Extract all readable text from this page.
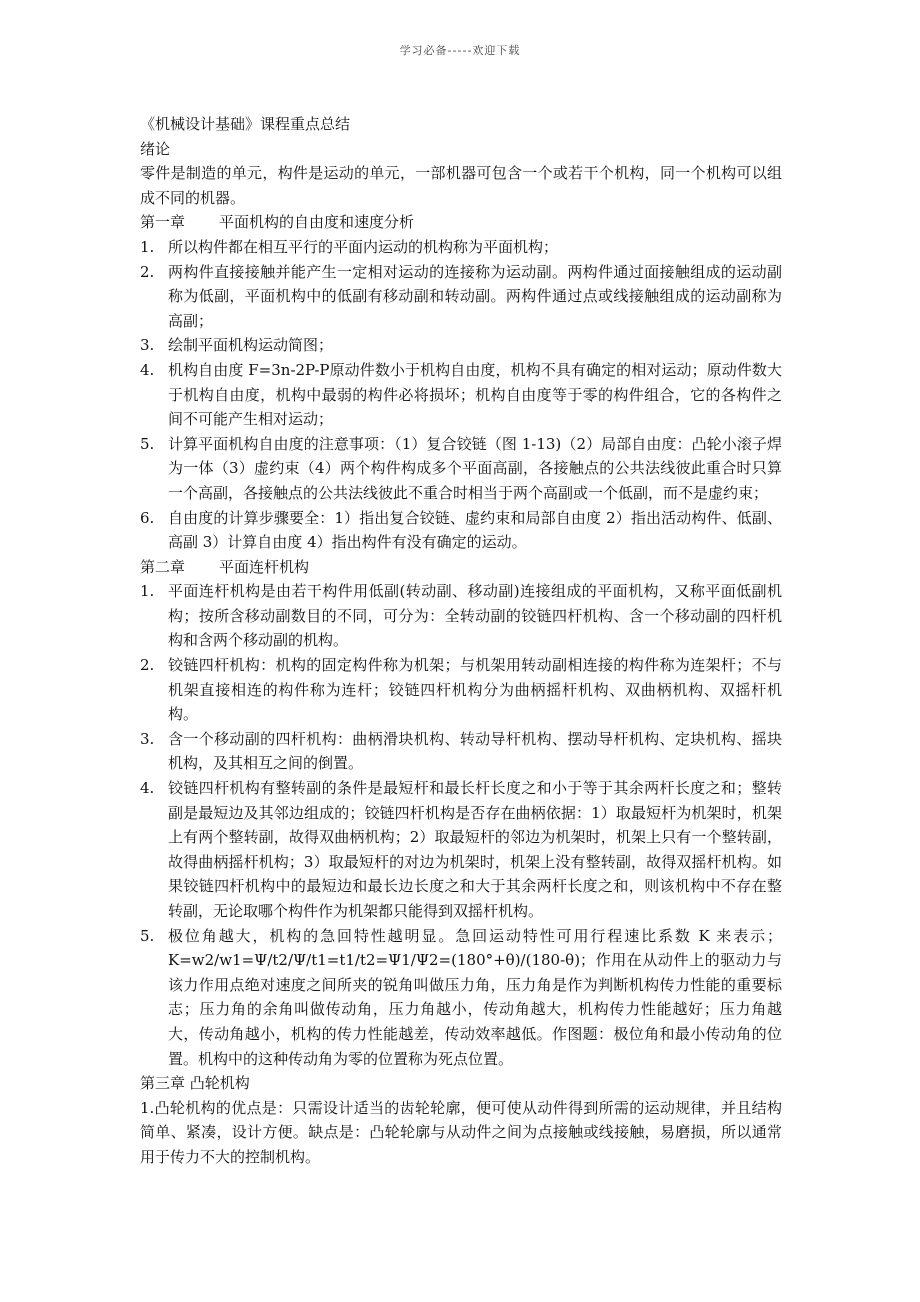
学习必备-----欢迎下载

《机械设计基础》课程重点总结

绪论

零件是制造的单元，构件是运动的单元，一部机器可包含一个或若干个机构，同一个机构可以组成不同的机器。

第一章 平面机构的自由度和速度分析

1. 所以构件都在相互平行的平面内运动的机构称为平面机构；
2. 两构件直接接触并能产生一定相对运动的连接称为运动副。两构件通过面接触组成的运动副称为低副，平面机构中的低副有移动副和转动副。两构件通过点或线接触组成的运动副称为高副；
3. 绘制平面机构运动简图；
4. 机构自由度 F=3n-2P-P原动件数小于机构自由度，机构不具有确定的相对运动；原动件数大于机构自由度，机构中最弱的构件必将损坏；机构自由度等于零的构件组合，它的各构件之间不可能产生相对运动；
5. 计算平面机构自由度的注意事项：（1）复合铰链（图 1-13)（2）局部自由度：凸轮小滚子焊为一体（3）虚约束（4）两个构件构成多个平面高副，各接触点的公共法线彼此重合时只算一个高副，各接触点的公共法线彼此不重合时相当于两个高副或一个低副，而不是虚约束；
6. 自由度的计算步骤要全：1）指出复合铰链、虚约束和局部自由度 2）指出活动构件、低副、高副 3）计算自由度 4）指出构件有没有确定的运动。

第二章 平面连杆机构

1. 平面连杆机构是由若干构件用低副(转动副、移动副)连接组成的平面机构，又称平面低副机构；按所含移动副数目的不同，可分为：全转动副的铰链四杆机构、含一个移动副的四杆机构和含两个移动副的机构。
2. 铰链四杆机构：机构的固定构件称为机架；与机架用转动副相连接的构件称为连架杆；不与机架直接相连的构件称为连杆；铰链四杆机构分为曲柄摇杆机构、双曲柄机构、双摇杆机构。
3. 含一个移动副的四杆机构：曲柄滑块机构、转动导杆机构、摆动导杆机构、定块机构、摇块机构，及其相互之间的倒置。
4. 铰链四杆机构有整转副的条件是最短杆和最长杆长度之和小于等于其余两杆长度之和；整转副是最短边及其邻边组成的；铰链四杆机构是否存在曲柄依据：1）取最短杆为机架时，机架上有两个整转副，故得双曲柄机构；2）取最短杆的邻边为机架时，机架上只有一个整转副，故得曲柄摇杆机构；3）取最短杆的对边为机架时，机架上没有整转副，故得双摇杆机构。如果铰链四杆机构中的最短边和最长边长度之和大于其余两杆长度之和，则该机构中不存在整转副，无论取哪个构件作为机架都只能得到双摇杆机构。
5. 极位角越大，机构的急回特性越明显。急回运动特性可用行程速比系数 K 来表示；K=w2/w1=Ψ/t2/Ψ/t1=t1/t2=Ψ1/Ψ2=(180°+θ)/(180-θ)；作用在从动件上的驱动力与该力作用点绝对速度之间所夹的锐角叫做压力角，压力角是作为判断机构传力性能的重要标志；压力角的余角叫做传动角，压力角越小，传动角越大，机构传力性能越好；压力角越大，传动角越小，机构的传力性能越差，传动效率越低。作图题：极位角和最小传动角的位置。机构中的这种传动角为零的位置称为死点位置。

第三章 凸轮机构

1.凸轮机构的优点是：只需设计适当的齿轮轮廓，便可使从动件得到所需的运动规律，并且结构简单、紧凑，设计方便。缺点是：凸轮轮廓与从动件之间为点接触或线接触，易磨损，所以通常用于传力不大的控制机构。
